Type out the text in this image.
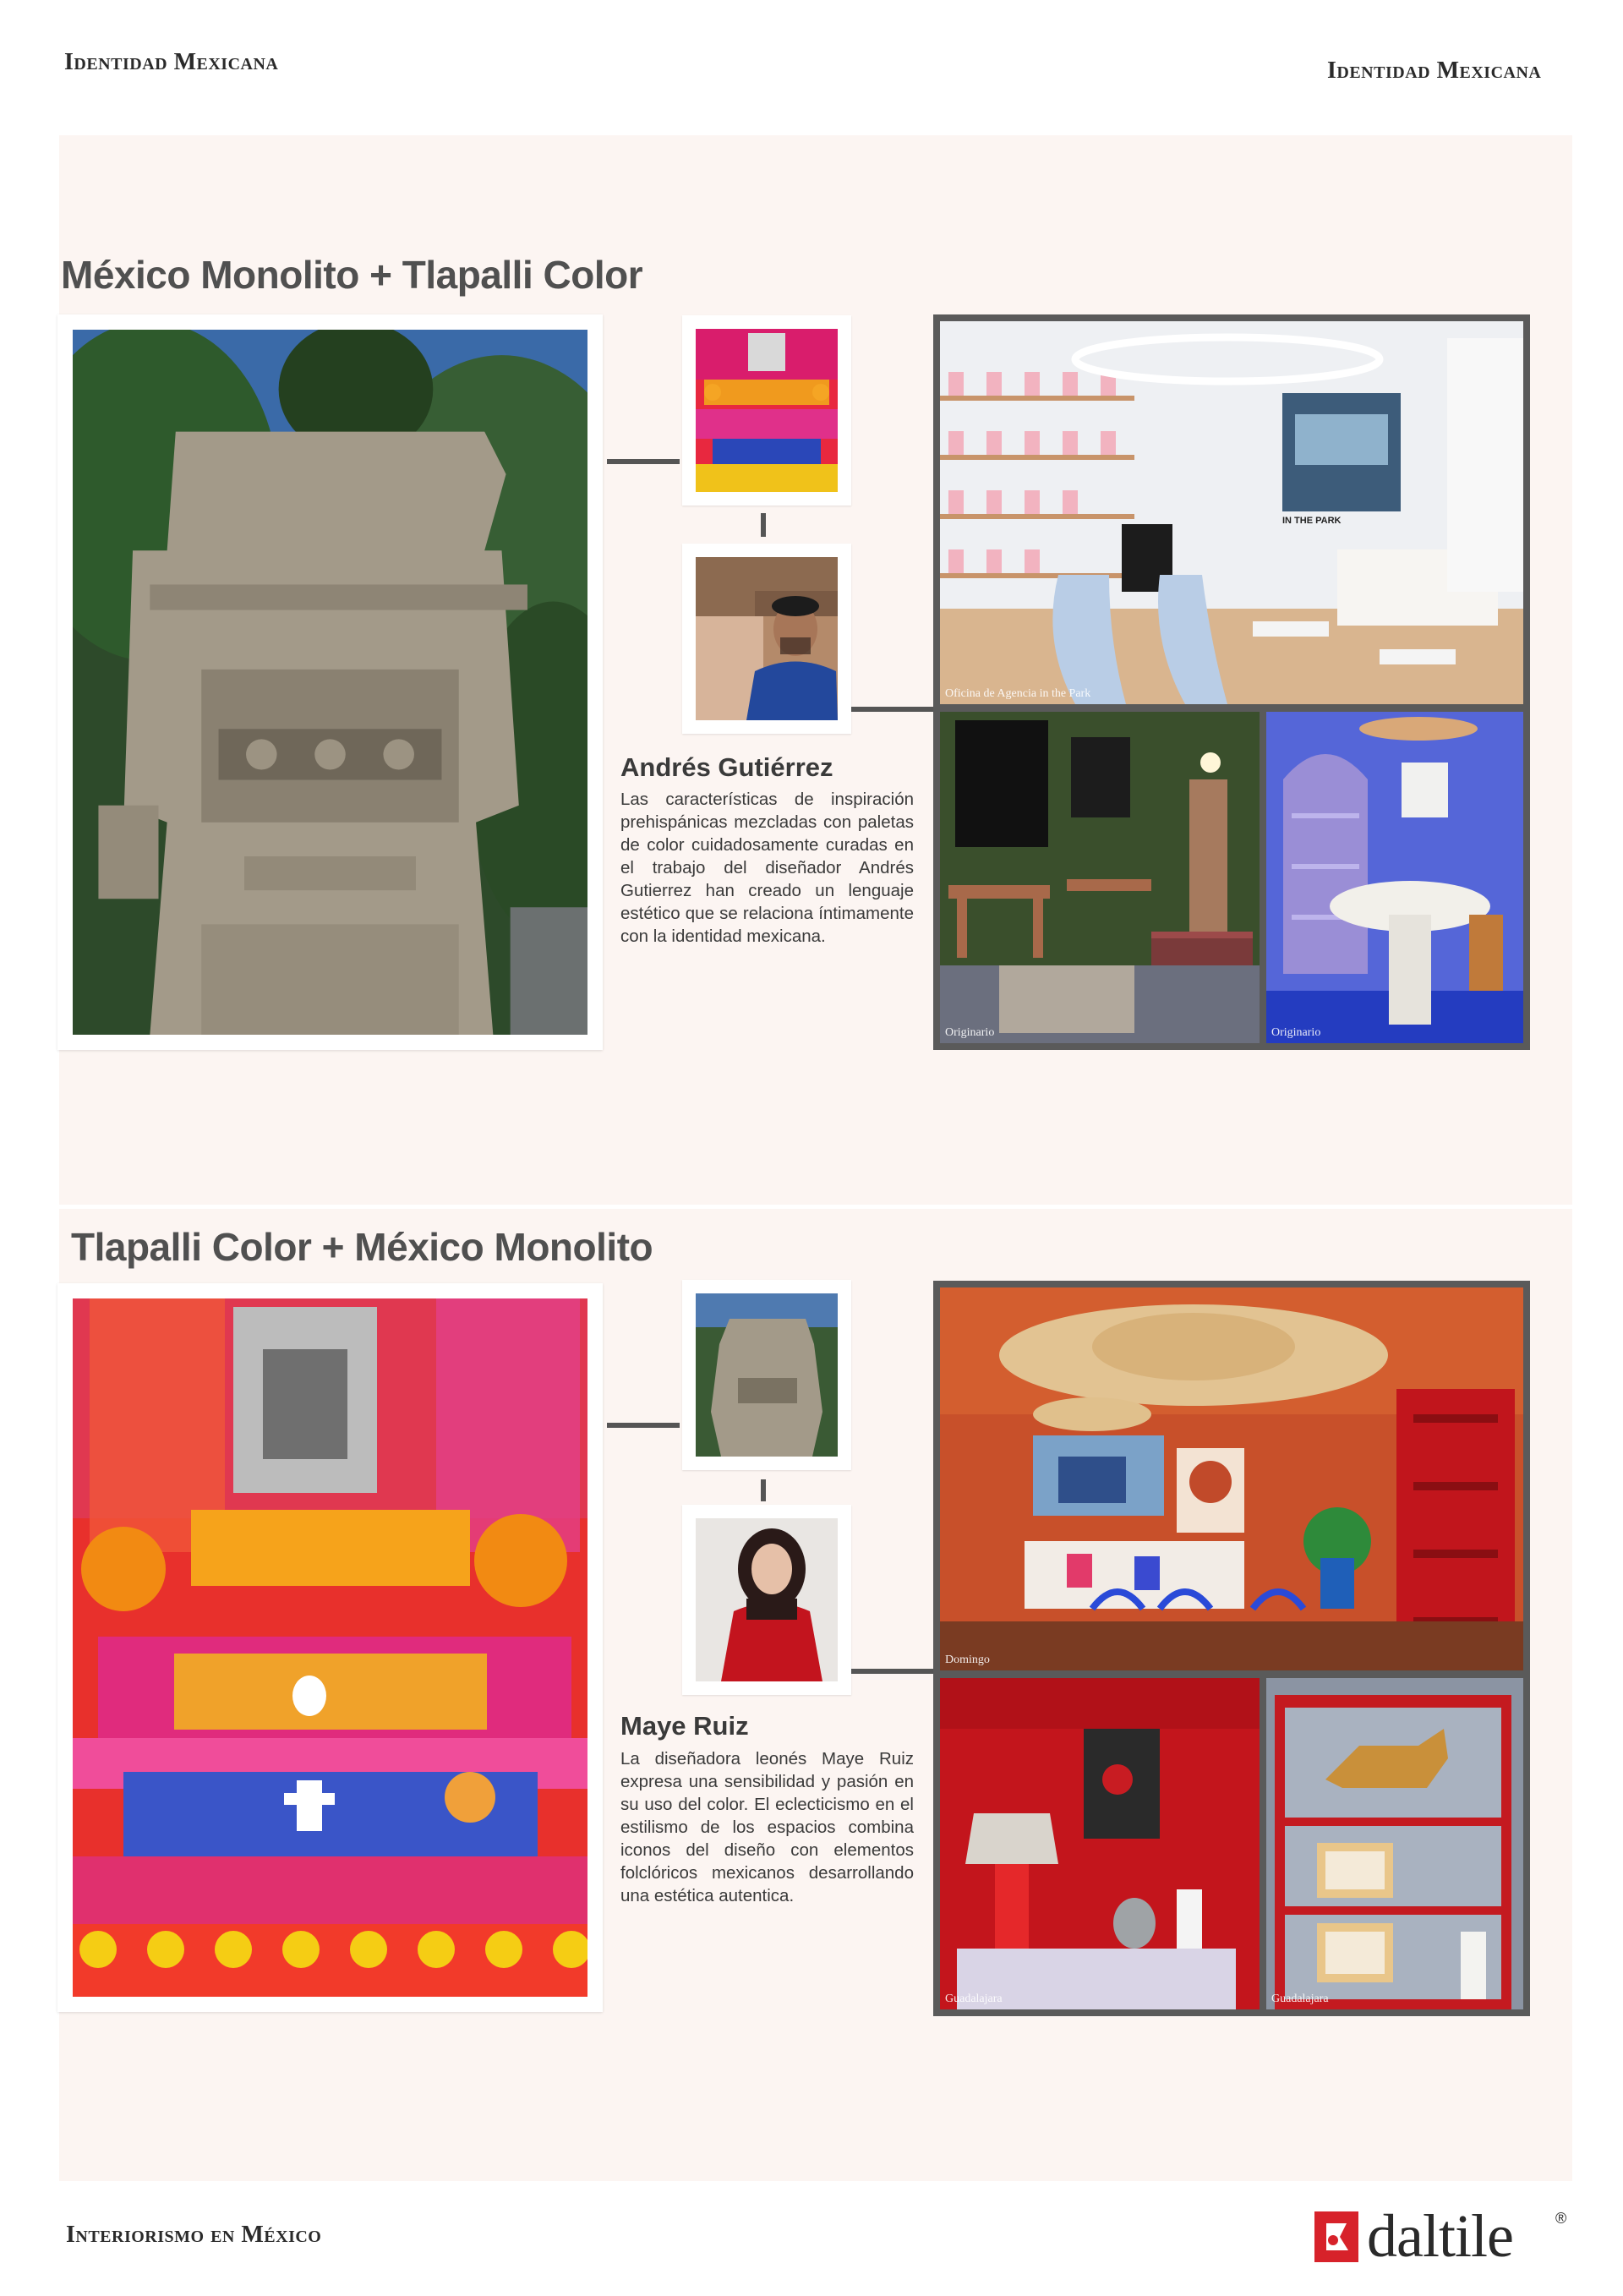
Identidad Mexicana	Identidad Mexicana
México Monolito + Tlapalli Color
Andrés Gutiérrez
Las características de inspiración prehispánicas mezcladas con paletas de color cuidadosamente curadas en el trabajo del diseñador Andrés Gutierrez han creado un lenguaje estético que se relaciona íntimamente con la identidad mexicana.
Oficina de Agencia in the Park
IN THE PARK
Originario	Originario
Tlapalli Color + México Monolito
Maye Ruiz
La diseñadora leonés Maye Ruiz expresa una sensibilidad y pasión en su uso del color. El eclecticismo en el estilismo de los espacios combina iconos del diseño con elementos folclóricos mexicanos desarrollando una estética autentica.
Domingo
Guadalajara	Guadalajara
Interiorismo en México	daltile	®
